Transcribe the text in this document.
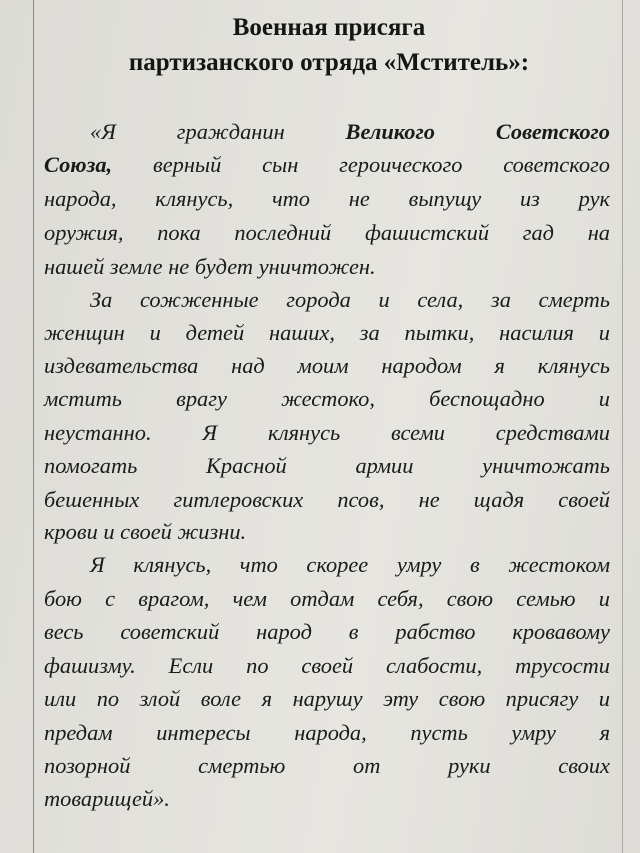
Военная присяга
партизанского отряда «Мститель»:
«Я гражданин Великого Советского
Союза, верный сын героического советского
народа, клянусь, что не выпущу из рук
оружия, пока последний фашистский гад на
нашей земле не будет уничтожен.
За сожженные города и села, за смерть
женщин и детей наших, за пытки, насилия и
издевательства над моим народом я клянусь
мстить врагу жестоко, беспощадно и
неустанно. Я клянусь всеми средствами
помогать Красной армии уничтожать
бешенных гитлеровских псов, не щадя своей
крови и своей жизни.
Я клянусь, что скорее умру в жестоком
бою с врагом, чем отдам себя, свою семью и
весь советский народ в рабство кровавому
фашизму. Если по своей слабости, трусости
или по злой воле я нарушу эту свою присягу и
предам интересы народа, пусть умру я
позорной смертью от руки своих
товарищей».
